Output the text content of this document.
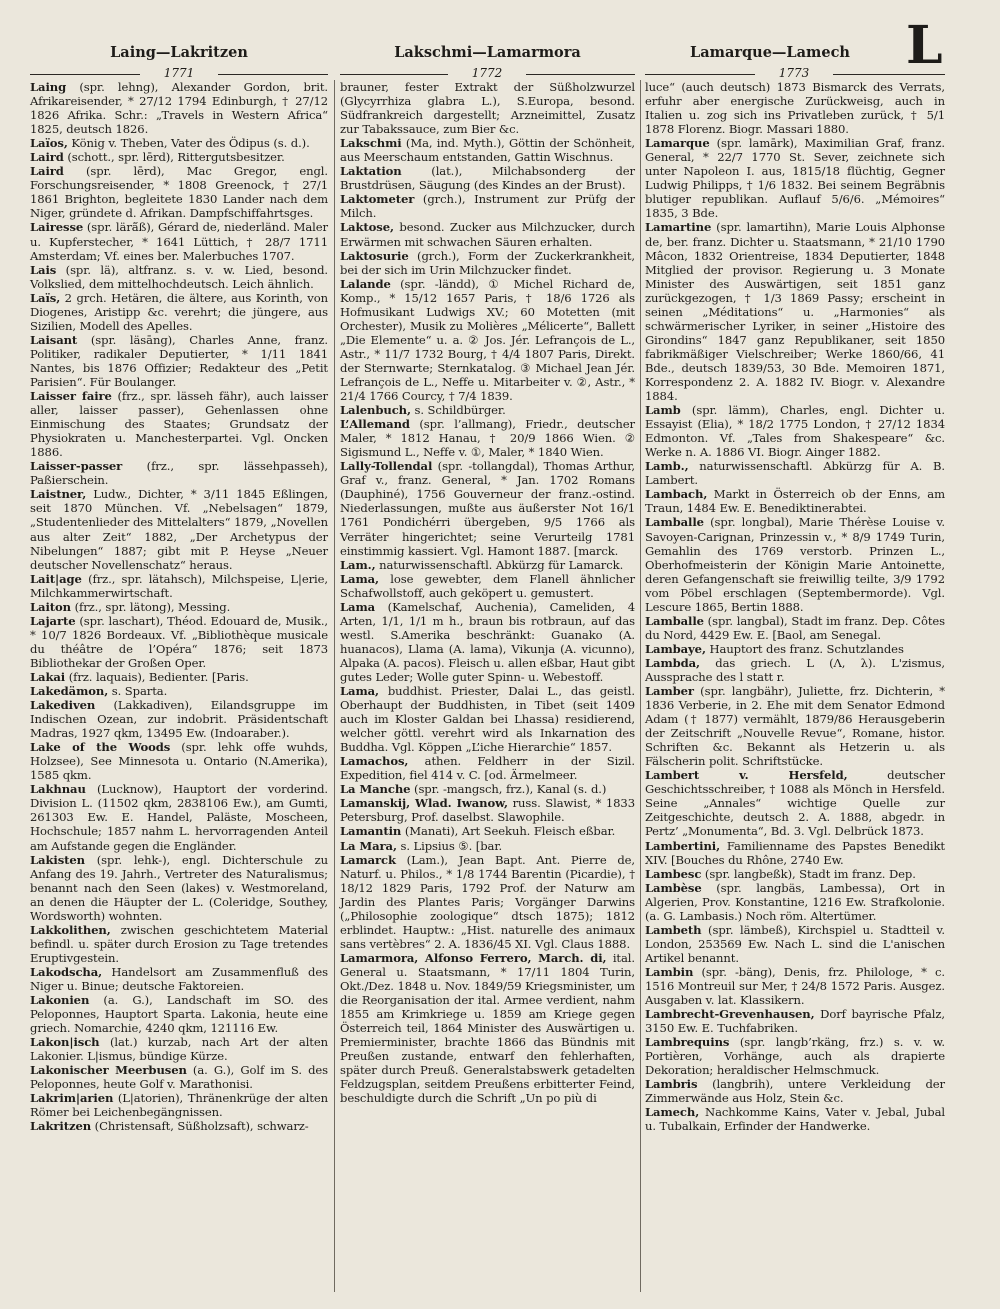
L
Laing—Lakritzen
1771

Laing (spr. lehng), Alexander Gordon, brit. Afrikareisender, * 27/12 1794 Edinburgh, † 27/12 1826 Afrika. Schr.: „Travels in Western Africa“ 1825, deutsch 1826.

Laïos, König v. Theben, Vater des Ödipus (s. d.).

Laird (schott., spr. lērd), Rittergutsbesitzer.

Laird (spr. lērd), Mac Gregor, engl. Forschungsreisender, * 1808 Greenock, † 27/1 1861 Brighton, begleitete 1830 Lander nach dem Niger, gründete d. Afrikan. Dampfschiffahrtsges.

Lairesse (spr. lärä̆ß), Gérard de, niederländ. Maler u. Kupferstecher, * 1641 Lüttich, † 28/7 1711 Amsterdam; Vf. eines ber. Malerbuches 1707.

Lais (spr. lä), altfranz. s. v. w. Lied, besond. Volkslied, dem mittelhochdeutsch. Leich ähnlich.

Laïs, 2 grch. Hetären, die ältere, aus Korinth, von Diogenes, Aristipp &c. verehrt; die jüngere, aus Sizilien, Modell des Apelles.

Laisant (spr. läsāng), Charles Anne, franz. Politiker, radikaler Deputierter, * 1/11 1841 Nantes, bis 1876 Offizier; Redakteur des „Petit Parisien“. Für Boulanger.

Laisser faire (frz., spr. lässeh fähr), auch laisser aller, laisser passer), Gehenlassen ohne Einmischung des Staates; Grundsatz der Physiokraten u. Manchesterpartei. Vgl. Oncken 1886.

Laisser-passer (frz., spr. lässehpasseh), Paßierschein.

Laistner, Ludw., Dichter, * 3/11 1845 Eßlingen, seit 1870 München. Vf. „Nebelsagen“ 1879, „Studentenlieder des Mittelalters“ 1879, „Novellen aus alter Zeit“ 1882, „Der Archetypus der Nibelungen“ 1887; gibt mit P. Heyse „Neuer deutscher Novellenschatz“ heraus.

Lait|age (frz., spr. lätahsch), Milchspeise, L|erie, Milchkammerwirtschaft.

Laiton (frz., spr. lätong), Messing.

Lajarte (spr. laschart), Théod. Edouard de, Musik., * 10/7 1826 Bordeaux. Vf. „Bibliothèque musicale du théâtre de l’Opéra“ 1876; seit 1873 Bibliothekar der Großen Oper.

Lakai (frz. laquais), Bedienter. [Paris.

Lakedämon, s. Sparta.

Lakediven (Lakkadiven), Eilandsgruppe im Indischen Ozean, zur indobrit. Präsidentschaft Madras, 1927 qkm, 13495 Ew. (Indoaraber.).

Lake of the Woods (spr. lehk offe wuhds, Holzsee), See Minnesota u. Ontario (N.Amerika), 1585 qkm.

Lakhnau (Lucknow), Hauptort der vorderind. Division L. (11502 qkm, 2838106 Ew.), am Gumti, 261303 Ew. E. Handel, Paläste, Moscheen, Hochschule; 1857 nahm L. hervorragenden Anteil am Aufstande gegen die Engländer.

Lakisten (spr. lehk-), engl. Dichterschule zu Anfang des 19. Jahrh., Vertreter des Naturalismus; benannt nach den Seen (lakes) v. Westmoreland, an denen die Häupter der L. (Coleridge, Southey, Wordsworth) wohnten.

Lakkolithen, zwischen geschichtetem Material befindl. u. später durch Erosion zu Tage tretendes Eruptivgestein.

Lakodscha, Handelsort am Zusammenfluß des Niger u. Binue; deutsche Faktoreien.

Lakonien (a. G.), Landschaft im SO. des Peloponnes, Hauptort Sparta. Lakonia, heute eine griech. Nomarchie, 4240 qkm, 121116 Ew.

Lakon|isch (lat.) kurzab, nach Art der alten Lakonier. L|ismus, bündige Kürze.

Lakonischer Meerbusen (a. G.), Golf im S. des Peloponnes, heute Golf v. Marathonisi.

Lakrim|arien (L|atorien), Thränenkrüge der alten Römer bei Leichenbegängnissen.

Lakritzen (Christensaft, Süßholzsaft), schwarz-

Lakschmi—Lamarmora
1772

brauner, fester Extrakt der Süßholzwurzel (Glycyrrhiza glabra L.), S.Europa, besond. Südfrankreich dargestellt; Arzneimittel, Zusatz zur Tabakssauce, zum Bier &c.

Lakschmi (Ma, ind. Myth.), Göttin der Schönheit, aus Meerschaum entstanden, Gattin Wischnus.

Laktation (lat.), Milchabsonderg der Brustdrüsen, Säugung (des Kindes an der Brust).

Laktometer (grch.), Instrument zur Prüfg der Milch.

Laktose, besond. Zucker aus Milchzucker, durch Erwärmen mit schwachen Säuren erhalten.

Laktosurie (grch.), Form der Zuckerkrankheit, bei der sich im Urin Milchzucker findet.

Lalande (spr. -ländd), ① Michel Richard de, Komp., * 15/12 1657 Paris, † 18/6 1726 als Hofmusikant Ludwigs XV.; 60 Motetten (mit Orchester), Musik zu Molières „Mélicerte“, Ballett „Die Elemente“ u. a. ② Jos. Jér. Lefrançois de L., Astr., * 11/7 1732 Bourg, † 4/4 1807 Paris, Direkt. der Sternwarte; Sternkatalog. ③ Michael Jean Jér. Lefrançois de L., Neffe u. Mitarbeiter v. ②, Astr., * 21/4 1766 Courcy, † 7/4 1839.

Lalenbuch, s. Schildbürger.

L’Allemand (spr. l’allmang), Friedr., deutscher Maler, * 1812 Hanau, † 20/9 1866 Wien. ② Sigismund L., Neffe v. ①, Maler, * 1840 Wien.

Lally-Tollendal (spr. -tollangdal), Thomas Arthur, Graf v., franz. General, * Jan. 1702 Romans (Dauphiné), 1756 Gouverneur der franz.-ostind. Niederlassungen, mußte aus äußerster Not 16/1 1761 Pondichérri übergeben, 9/5 1766 als Verräter hingerichtet; seine Verurteilg 1781 einstimmig kassiert. Vgl. Hamont 1887. [marck.

Lam., naturwissenschaftl. Abkürzg für Lamarck.

Lama, lose gewebter, dem Flanell ähnlicher Schafwollstoff, auch geköpert u. gemustert.

Lama (Kamelschaf, Auchenia), Cameliden, 4 Arten, 1/1, 1/1 m h., braun bis rotbraun, auf das westl. S.Amerika beschränkt: Guanako (A. huanacos), Llama (A. lama), Vikunja (A. vicunno), Alpaka (A. pacos). Fleisch u. allen eßbar, Haut gibt gutes Leder; Wolle guter Spinn- u. Webestoff.

Lama, buddhist. Priester, Dalai L., das geistl. Oberhaupt der Buddhisten, in Tibet (seit 1409 auch im Kloster Galdan bei Lhassa) residierend, welcher göttl. verehrt wird als Inkarnation des Buddha. Vgl. Köppen „L’iche Hierarchie“ 1857.

Lamachos, athen. Feldherr in der Sizil. Expedition, fiel 414 v. C. [od. Ärmelmeer.

La Manche (spr. -mangsch, frz.), Kanal (s. d.)

Lamanskij, Wlad. Iwanow, russ. Slawist, * 1833 Petersburg, Prof. daselbst. Slawophile.

Lamantin (Manati), Art Seekuh. Fleisch eßbar.

La Mara, s. Lipsius ⑤. [bar.

Lamarck (Lam.), Jean Bapt. Ant. Pierre de, Naturf. u. Philos., * 1/8 1744 Barentin (Picardie), † 18/12 1829 Paris, 1792 Prof. der Naturw am Jardin des Plantes Paris; Vorgänger Darwins („Philosophie zoologique“ dtsch 1875); 1812 erblindet. Hauptw.: „Hist. naturelle des animaux sans vertèbres“ 2. A. 1836/45 XI. Vgl. Claus 1888.

Lamarmora, Alfonso Ferrero, March. di, ital. General u. Staatsmann, * 17/11 1804 Turin, Okt./Dez. 1848 u. Nov. 1849/59 Kriegsminister, um die Reorganisation der ital. Armee verdient, nahm 1855 am Krimkriege u. 1859 am Kriege gegen Österreich teil, 1864 Minister des Auswärtigen u. Premierminister, brachte 1866 das Bündnis mit Preußen zustande, entwarf den fehlerhaften, später durch Preuß. Generalstabswerk getadelten Feldzugsplan, seitdem Preußens erbitterter Feind, beschuldigte durch die Schrift „Un po più di

Lamarque—Lamech
1773

luce“ (auch deutsch) 1873 Bismarck des Verrats, erfuhr aber energische Zurückweisg, auch in Italien u. zog sich ins Privatleben zurück, † 5/1 1878 Florenz. Biogr. Massari 1880.

Lamarque (spr. lamārk), Maximilian Graf, franz. General, * 22/7 1770 St. Sever, zeichnete sich unter Napoleon I. aus, 1815/18 flüchtig, Gegner Ludwig Philipps, † 1/6 1832. Bei seinem Begräbnis blutiger republikan. Auflauf 5/6/6. „Mémoires“ 1835, 3 Bde.

Lamartine (spr. lamartihn), Marie Louis Alphonse de, ber. franz. Dichter u. Staatsmann, * 21/10 1790 Mâcon, 1832 Orientreise, 1834 Deputierter, 1848 Mitglied der provisor. Regierung u. 3 Monate Minister des Auswärtigen, seit 1851 ganz zurückgezogen, † 1/3 1869 Passy; erscheint in seinen „Méditations“ u. „Harmonies“ als schwärmerischer Lyriker, in seiner „Histoire des Girondins“ 1847 ganz Republikaner, seit 1850 fabrikmäßiger Vielschreiber; Werke 1860/66, 41 Bde., deutsch 1839/53, 30 Bde. Memoiren 1871, Korrespondenz 2. A. 1882 IV. Biogr. v. Alexandre 1884.

Lamb (spr. lämm), Charles, engl. Dichter u. Essayist (Elia), * 18/2 1775 London, † 27/12 1834 Edmonton. Vf. „Tales from Shakespeare“ &c. Werke n. A. 1886 VI. Biogr. Ainger 1882.

Lamb., naturwissenschaftl. Abkürzg für A. B. Lambert.

Lambach, Markt in Österreich ob der Enns, am Traun, 1484 Ew. E. Benediktinerabtei.

Lamballe (spr. longbal), Marie Thérèse Louise v. Savoyen-Carignan, Prinzessin v., * 8/9 1749 Turin, Gemahlin des 1769 verstorb. Prinzen L., Oberhofmeisterin der Königin Marie Antoinette, deren Gefangenschaft sie freiwillig teilte, 3/9 1792 vom Pöbel erschlagen (Septembermorde). Vgl. Lescure 1865, Bertin 1888.

Lamballe (spr. langbal), Stadt im franz. Dep. Côtes du Nord, 4429 Ew. E. [Baol, am Senegal.

Lambaye, Hauptort des franz. Schutzlandes

Lambda, das griech. L (Λ, λ). L'zismus, Aussprache des l statt r.

Lamber (spr. langbähr), Juliette, frz. Dichterin, * 1836 Verberie, in 2. Ehe mit dem Senator Edmond Adam († 1877) vermählt, 1879/86 Herausgeberin der Zeitschrift „Nouvelle Revue“, Romane, histor. Schriften &c. Bekannt als Hetzerin u. als Fälscherin polit. Schriftstücke.

Lambert v. Hersfeld, deutscher Geschichtsschreiber, † 1088 als Mönch in Hersfeld. Seine „Annales“ wichtige Quelle zur Zeitgeschichte, deutsch 2. A. 1888, abgedr. in Pertz’ „Monumenta“, Bd. 3. Vgl. Delbrück 1873.

Lambertini, Familienname des Papstes Benedikt XIV. [Bouches du Rhône, 2740 Ew.

Lambesc (spr. langbeßk), Stadt im franz. Dep.

Lambèse (spr. langbäs, Lambessa), Ort in Algerien, Prov. Konstantine, 1216 Ew. Strafkolonie. (a. G. Lambasis.) Noch röm. Altertümer.

Lambeth (spr. lämbeß), Kirchspiel u. Stadtteil v. London, 253569 Ew. Nach L. sind die L'anischen Artikel benannt.

Lambin (spr. -bäng), Denis, frz. Philologe, * c. 1516 Montreuil sur Mer, † 24/8 1572 Paris. Ausgez. Ausgaben v. lat. Klassikern.

Lambrecht-Grevenhausen, Dorf bayrische Pfalz, 3150 Ew. E. Tuchfabriken.

Lambrequins (spr. langb’rkäng, frz.) s. v. w. Portièren, Vorhänge, auch als drapierte Dekoration; heraldischer Helmschmuck.

Lambris (langbrih), untere Verkleidung der Zimmerwände aus Holz, Stein &c.

Lamech, Nachkomme Kains, Vater v. Jebal, Jubal u. Tubalkain, Erfinder der Handwerke.
